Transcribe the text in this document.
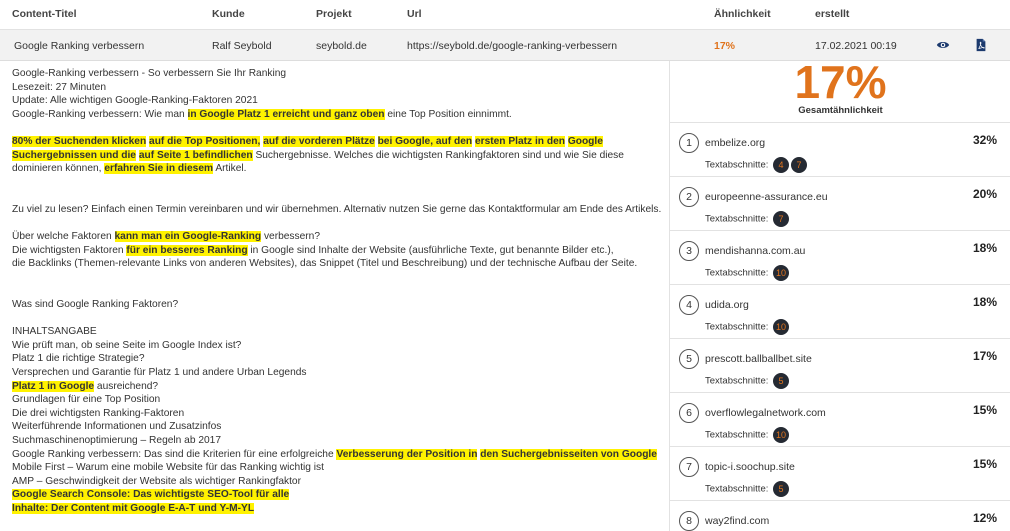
Content-Titel	Kunde	Projekt	Url	Ähnlichkeit	erstellt
Google Ranking verbessern	Ralf Seybold	seybold.de	https://seybold.de/google-ranking-verbessern	17%	17.02.2021 00:19
Google-Ranking verbessern - So verbessern Sie Ihr Ranking
Lesezeit: 27 Minuten
Update: Alle wichtigen Google-Ranking-Faktoren 2021
Google-Ranking verbessern: Wie man in Google Platz 1 erreicht und ganz oben eine Top Position einnimmt.
80% der Suchenden klicken auf die Top Positionen, auf die vorderen Plätze bei Google, auf den ersten Platz in den Google
Suchergebnissen und die auf Seite 1 befindlichen Suchergebnisse. Welches die wichtigsten Rankingfaktoren sind und wie Sie diese
dominieren können, erfahren Sie in diesem Artikel.
Zu viel zu lesen? Einfach einen Termin vereinbaren und wir übernehmen. Alternativ nutzen Sie gerne das Kontaktformular am Ende des Artikels.
Über welche Faktoren kann man ein Google-Ranking verbessern?
Die wichtigsten Faktoren für ein besseres Ranking in Google sind Inhalte der Website (ausführliche Texte, gut benannte Bilder etc.),
die Backlinks (Themen-relevante Links von anderen Websites), das Snippet (Titel und Beschreibung) und der technische Aufbau der Seite.
Was sind Google Ranking Faktoren?
INHALTSANGABE
Wie prüft man, ob seine Seite im Google Index ist?
Platz 1 die richtige Strategie?
Versprechen und Garantie für Platz 1 und andere Urban Legends
Platz 1 in Google ausreichend?
Grundlagen für eine Top Position
Die drei wichtigsten Ranking-Faktoren
Weiterführende Informationen und Zusatzinfos
Suchmaschinenoptimierung – Regeln ab 2017
Google Ranking verbessern: Das sind die Kriterien für eine erfolgreiche Verbesserung der Position in den Suchergebnisseiten von Google
Mobile First – Warum eine mobile Website für das Ranking wichtig ist
AMP – Geschwindigkeit der Website als wichtiger Rankingfaktor
Google Search Console: Das wichtigste SEO-Tool für alle
Inhalte: Der Content mit Google E-A-T und Y-M-YL
17%
Gesamtähnlichkeit
1	embelize.org	32%
Textabschnitte: 4 7
2	europeenne-assurance.eu	20%
Textabschnitte: 7
3	mendishanna.com.au	18%
Textabschnitte: 10
4	udida.org	18%
Textabschnitte: 10
5	prescott.ballballbet.site	17%
Textabschnitte: 5
6	overflowlegalnetwork.com	15%
Textabschnitte: 10
7	topic-i.soochup.site	15%
Textabschnitte: 5
8	way2find.com	12%
